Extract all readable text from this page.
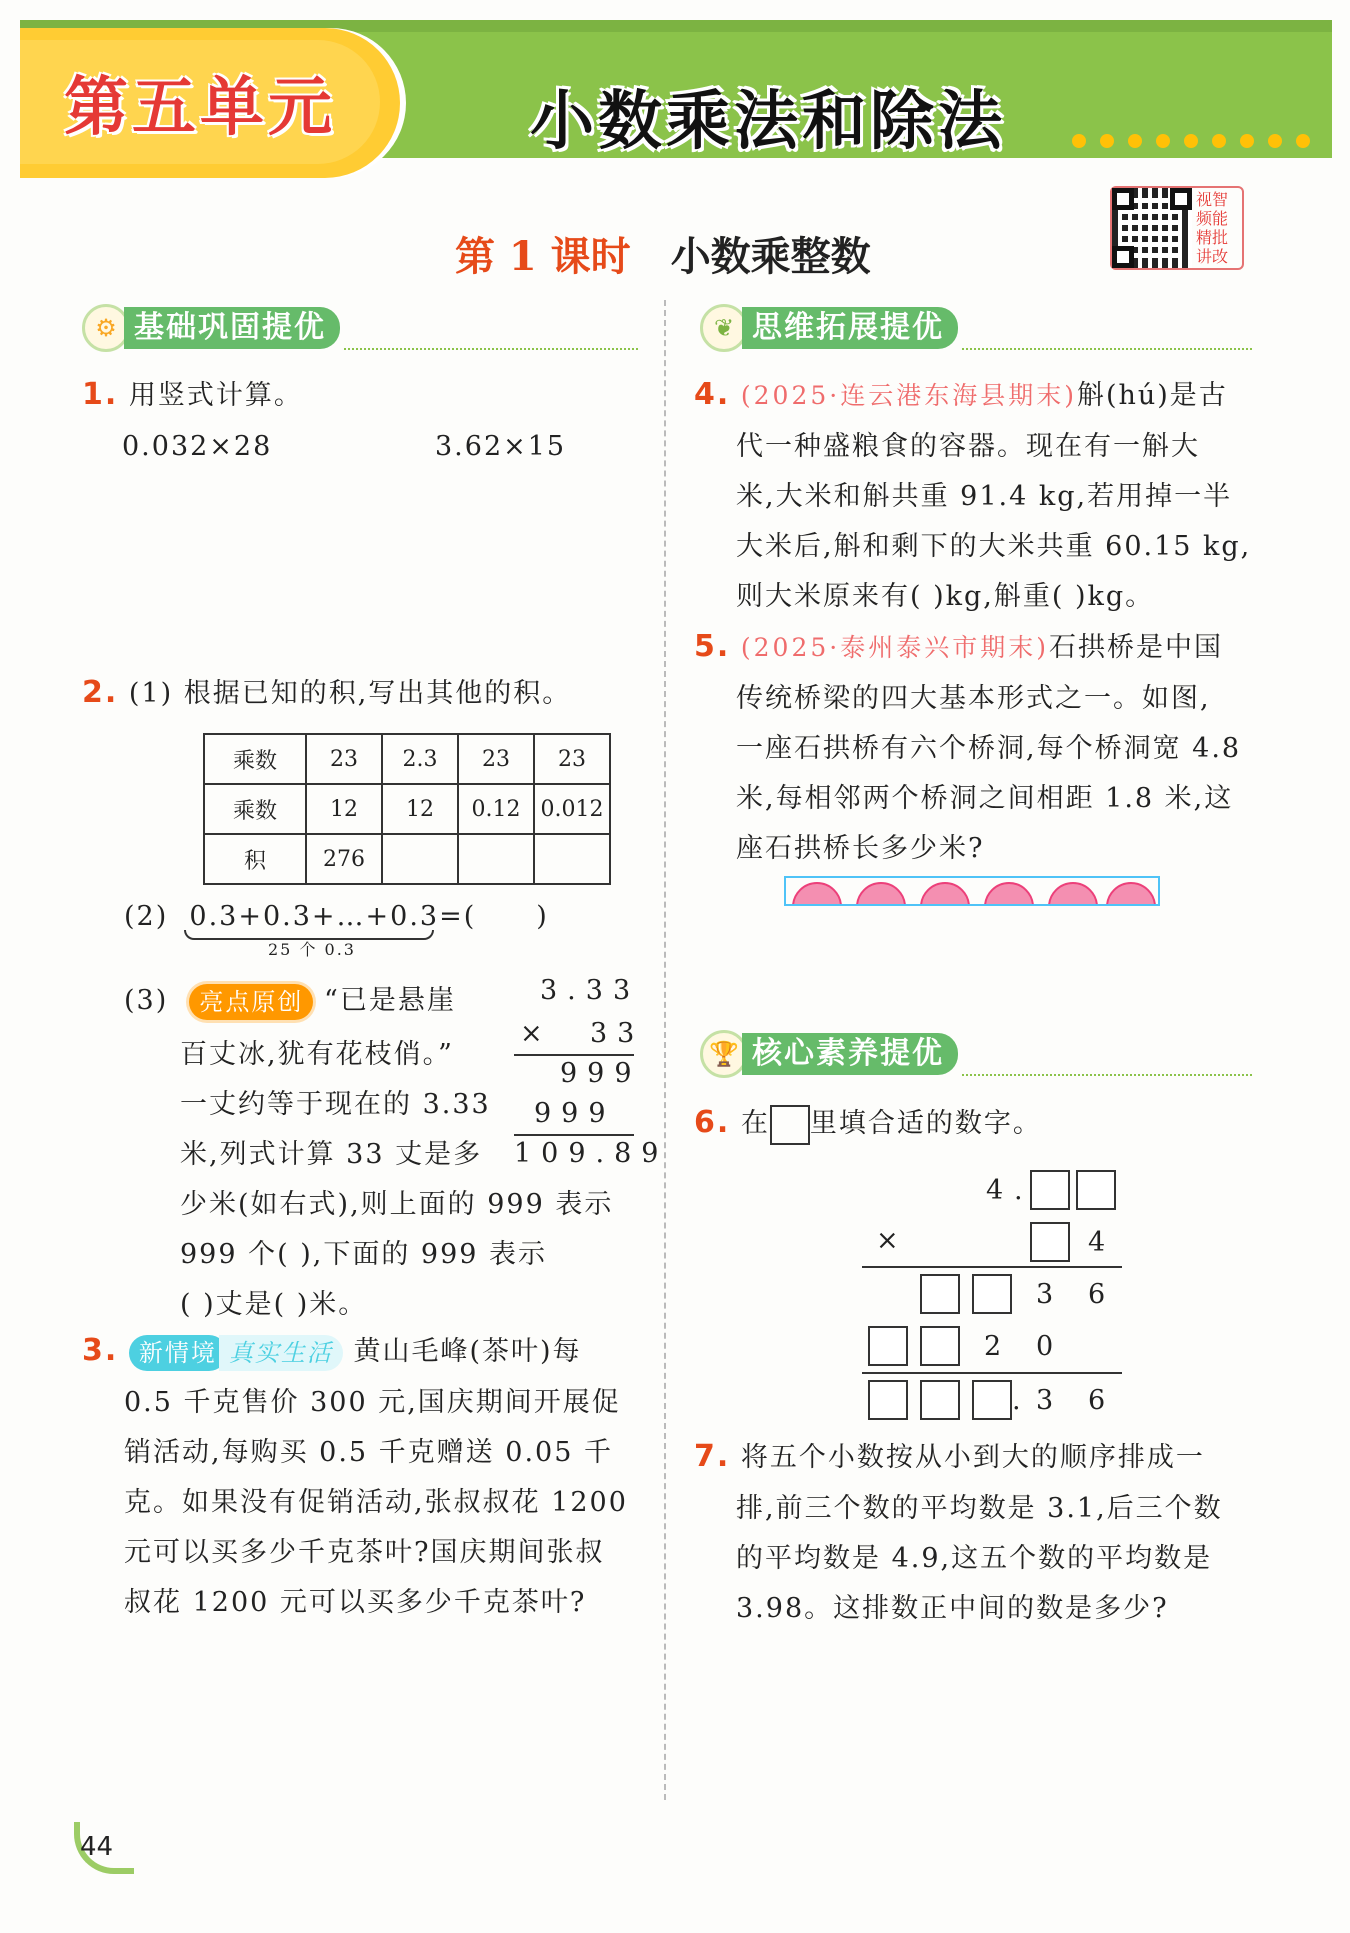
第五单元	小数乘法和除法
第 1 课时 小数乘整数
视 智
频 能
精 批
讲 改
⚙ 基础巩固提优
1. 用竖式计算。
0.032×28	3.62×15
2. (1) 根据已知的积,写出其他的积。
乘数	23	2.3	23	23
乘数	12	12	0.12	0.012
积	276			
(2) 0.3+0.3+…+0.3=( )
25 个 0.3
(3) 亮点原创 “已是悬崖
百丈冰,犹有花枝俏。”
一丈约等于现在的 3.33
米,列式计算 33 丈是多
少米(如右式),则上面的 999 表示
999 个( ),下面的 999 表示
( )丈是( )米。
3.33
× 33
999
999
109.89
3. 新情境 真实生活 黄山毛峰(茶叶)每
0.5 千克售价 300 元,国庆期间开展促
销活动,每购买 0.5 千克赠送 0.05 千
克。如果没有促销活动,张叔叔花 1200
元可以买多少千克茶叶?国庆期间张叔
叔花 1200 元可以买多少千克茶叶?
❦ 思维拓展提优
4. (2025·连云港东海县期末)斛(hú)是古
代一种盛粮食的容器。现在有一斛大
米,大米和斛共重 91.4 kg,若用掉一半
大米后,斛和剩下的大米共重 60.15 kg,
则大米原来有( )kg,斛重( )kg。
5. (2025·泰州泰兴市期末)石拱桥是中国
传统桥梁的四大基本形式之一。如图,
一座石拱桥有六个桥洞,每个桥洞宽 4.8
米,每相邻两个桥洞之间相距 1.8 米,这
座石拱桥长多少米?
🏆 核心素养提优
6. 在 里填合适的数字。
4 .
×	4
3 6
2 0
. 3 6
7. 将五个小数按从小到大的顺序排成一
排,前三个数的平均数是 3.1,后三个数
的平均数是 4.9,这五个数的平均数是
3.98。这排数正中间的数是多少?
44
